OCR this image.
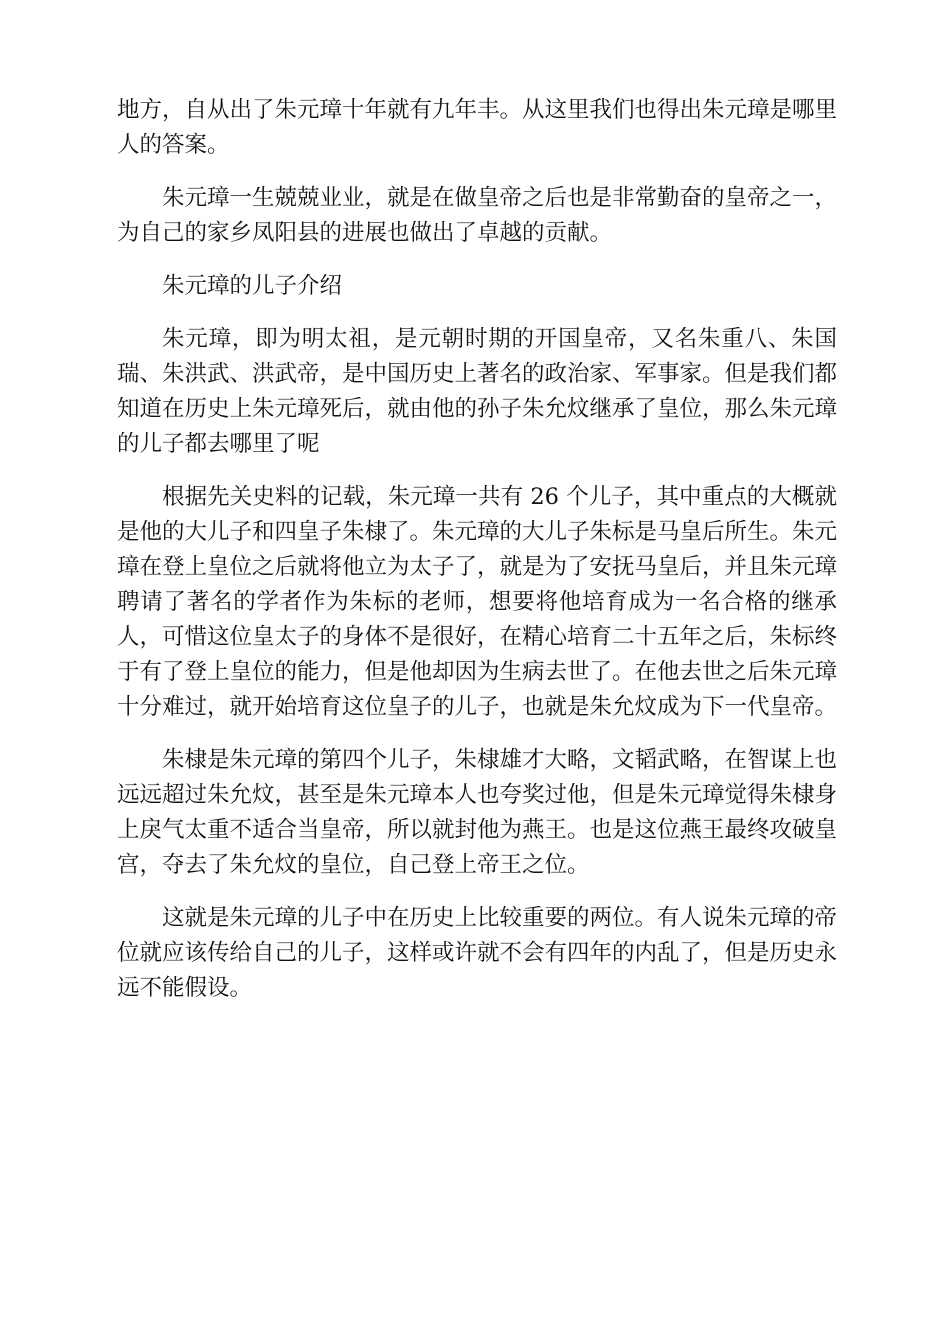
地方，自从出了朱元璋十年就有九年丰。从这里我们也得出朱元璋是哪里人的答案。

朱元璋一生兢兢业业，就是在做皇帝之后也是非常勤奋的皇帝之一，为自己的家乡凤阳县的进展也做出了卓越的贡献。

朱元璋的儿子介绍

朱元璋，即为明太祖，是元朝时期的开国皇帝，又名朱重八、朱国瑞、朱洪武、洪武帝，是中国历史上著名的政治家、军事家。但是我们都知道在历史上朱元璋死后，就由他的孙子朱允炆继承了皇位，那么朱元璋的儿子都去哪里了呢

根据先关史料的记载，朱元璋一共有 26 个儿子，其中重点的大概就是他的大儿子和四皇子朱棣了。朱元璋的大儿子朱标是马皇后所生。朱元璋在登上皇位之后就将他立为太子了，就是为了安抚马皇后，并且朱元璋聘请了著名的学者作为朱标的老师，想要将他培育成为一名合格的继承人，可惜这位皇太子的身体不是很好，在精心培育二十五年之后，朱标终于有了登上皇位的能力，但是他却因为生病去世了。在他去世之后朱元璋十分难过，就开始培育这位皇子的儿子，也就是朱允炆成为下一代皇帝。

朱棣是朱元璋的第四个儿子，朱棣雄才大略，文韬武略，在智谋上也远远超过朱允炆，甚至是朱元璋本人也夸奖过他，但是朱元璋觉得朱棣身上戾气太重不适合当皇帝，所以就封他为燕王。也是这位燕王最终攻破皇宫，夺去了朱允炆的皇位，自己登上帝王之位。

这就是朱元璋的儿子中在历史上比较重要的两位。有人说朱元璋的帝位就应该传给自己的儿子，这样或许就不会有四年的内乱了，但是历史永远不能假设。
